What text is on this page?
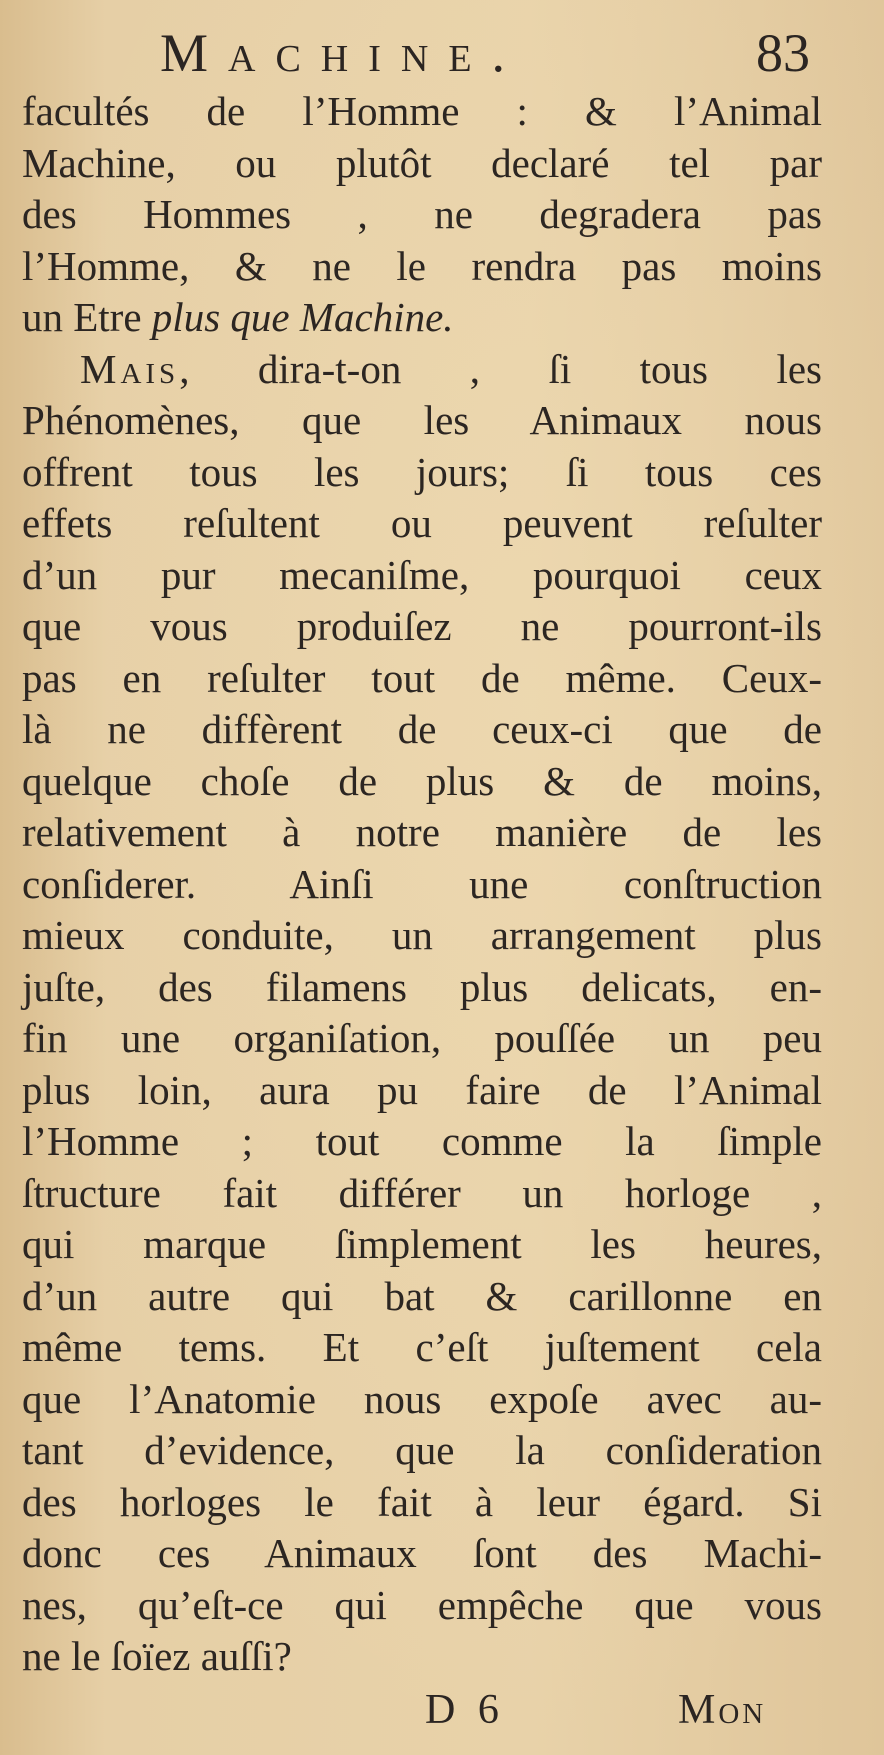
Machine.	83
facultés de l’Homme : & l’Animal
Machine, ou plutôt declaré tel par
des Hommes , ne degradera pas
l’Homme, & ne le rendra pas moins
un Etre plus que Machine.
Mais, dira-t-on , ſi tous les
Phénomènes, que les Animaux nous
offrent tous les jours; ſi tous ces
effets reſultent ou peuvent reſulter
d’un pur mecaniſme, pourquoi ceux
que vous produiſez ne pourront-ils
pas en reſulter tout de même. Ceux-
là ne diffèrent de ceux-ci que de
quelque choſe de plus & de moins,
relativement à notre manière de les
conſiderer. Ainſi une conſtruction
mieux conduite, un arrangement plus
juſte, des filamens plus delicats, en-
fin une organiſation, pouſſée un peu
plus loin, aura pu faire de l’Animal
l’Homme ; tout comme la ſimple
ſtructure fait différer un horloge ,
qui marque ſimplement les heures,
d’un autre qui bat & carillonne en
même tems. Et c’eſt juſtement cela
que l’Anatomie nous expoſe avec au-
tant d’evidence, que la conſideration
des horloges le fait à leur égard. Si
donc ces Animaux ſont des Machi-
nes, qu’eſt-ce qui empêche que vous
ne le ſoïez auſſi?
D 6	Mon
